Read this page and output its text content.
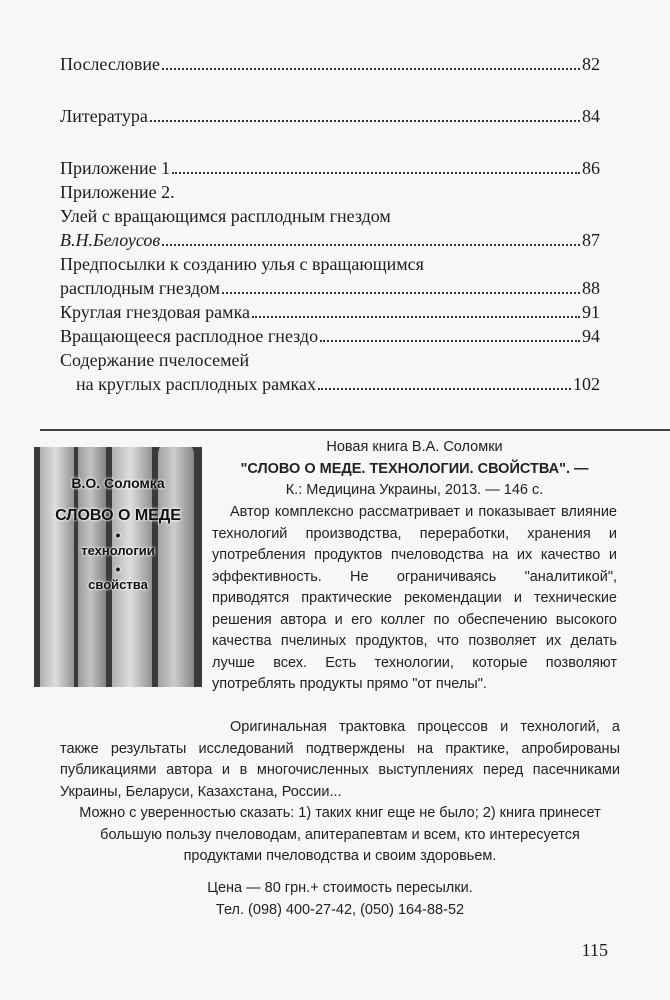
Послесловие	82
Литература	84
Приложение 1	86
Приложение 2.
Улей с вращающимся расплодным гнездом
В.Н.Белоусов	87
Предпосылки к созданию улья с вращающимся
расплодным гнездом	88
Круглая гнездовая рамка	91
Вращающееся расплодное гнездо	94
Содержание пчелосемей
на круглых расплодных рамках	102
В.О. Соломка
СЛОВО О МЕДЕ
•
технологии
•
свойства
Новая книга В.А. Соломки
"СЛОВО О МЕДЕ. ТЕХНОЛОГИИ. СВОЙСТВА". —
К.: Медицина Украины, 2013. — 146 с.
Автор комплексно рассматривает и показывает влияние технологий производства, переработки, хранения и употребления продуктов пчеловодства на их качество и эффективность. Не ограничиваясь "аналитикой", приводятся практические рекомендации и технические решения автора и его коллег по обеспечению высокого качества пчелиных продуктов, что позволяет их делать лучше всех. Есть технологии, которые позволяют употреблять продукты прямо "от пчелы".
Оригинальная трактовка процессов и технологий, а также результаты исследований подтверждены на практике, апробированы публикациями автора и в многочисленных выступлениях перед пасечниками Украины, Беларуси, Казахстана, России...
Можно с уверенностью сказать: 1) таких книг еще не было; 2) книга принесет большую пользу пчеловодам, апитерапевтам и всем, кто интересуется продуктами пчеловодства и своим здоровьем.
Цена — 80 грн.+ стоимость пересылки.
Тел. (098) 400-27-42, (050) 164-88-52
115
